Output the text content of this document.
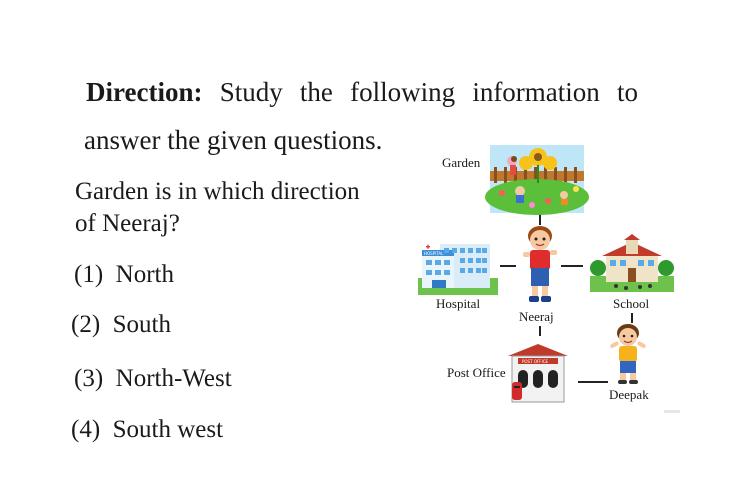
Direction: Study the following information to
answer the given questions.
Garden is in which direction
of Neeraj?
(1) North
(2) South
(3) North-West
(4) South west
Garden
Hospital
Neeraj
School
Post Office
Deepak
HOSPITAL
POST OFFICE
